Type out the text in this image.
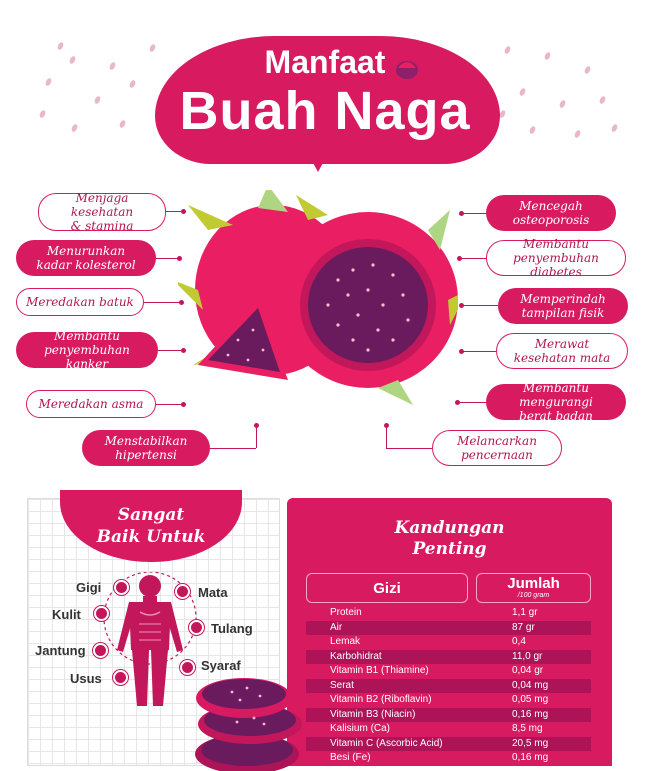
Manfaat
Buah Naga
Menjaga kesehatan
& stamina
Menurunkan
kadar kolesterol
Meredakan batuk
Membantu
penyembuhan kanker
Meredakan asma
Menstabilkan
hipertensi
Mencegah
osteoporosis
Membantu
penyembuhan diabetes
Memperindah
tampilan fisik
Merawat
kesehatan mata
Membantu mengurangi
berat badan
Melancarkan
pencernaan
Sangat
Baik Untuk
Gigi	Mata
Kulit
Tulang
Jantung
Syaraf
Usus
Kandungan
Penting
Gizi	Jumlah
/100 gram
Protein	1,1 gr
Air	87 gr
Lemak	0,4
Karbohidrat	11,0 gr
Vitamin B1 (Thiamine)	0,04 gr
Serat	0,04 mg
Vitamin B2 (Riboflavin)	0,05 mg
Vitamin B3 (Niacin)	0,16 mg
Kalisium (Ca)	8,5 mg
Vitamin C (Ascorbic Acid)	20,5 mg
Besi (Fe)	0,16 mg
